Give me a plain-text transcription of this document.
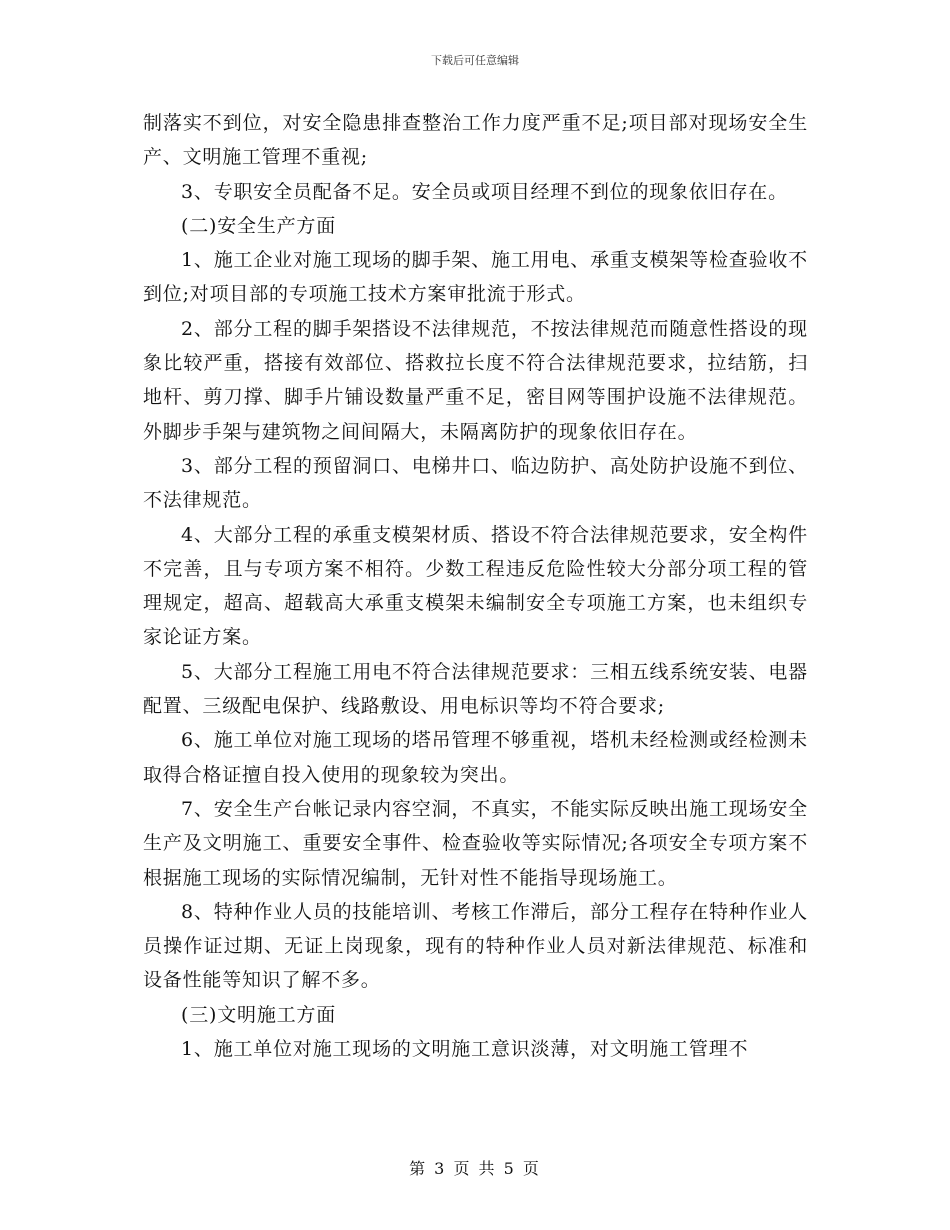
下载后可任意编辑

制落实不到位，对安全隐患排查整治工作力度严重不足;项目部对现场安全生产、文明施工管理不重视;

3、专职安全员配备不足。安全员或项目经理不到位的现象依旧存在。

(二)安全生产方面

1、施工企业对施工现场的脚手架、施工用电、承重支模架等检查验收不到位;对项目部的专项施工技术方案审批流于形式。

2、部分工程的脚手架搭设不法律规范，不按法律规范而随意性搭设的现象比较严重，搭接有效部位、搭救拉长度不符合法律规范要求，拉结筋，扫地杆、剪刀撑、脚手片铺设数量严重不足，密目网等围护设施不法律规范。外脚步手架与建筑物之间间隔大，未隔离防护的现象依旧存在。

3、部分工程的预留洞口、电梯井口、临边防护、高处防护设施不到位、不法律规范。

4、大部分工程的承重支模架材质、搭设不符合法律规范要求，安全构件不完善，且与专项方案不相符。少数工程违反危险性较大分部分项工程的管理规定，超高、超载高大承重支模架未编制安全专项施工方案，也未组织专家论证方案。

5、大部分工程施工用电不符合法律规范要求：三相五线系统安装、电器配置、三级配电保护、线路敷设、用电标识等均不符合要求;

6、施工单位对施工现场的塔吊管理不够重视，塔机未经检测或经检测未取得合格证擅自投入使用的现象较为突出。

7、安全生产台帐记录内容空洞，不真实，不能实际反映出施工现场安全生产及文明施工、重要安全事件、检查验收等实际情况;各项安全专项方案不根据施工现场的实际情况编制，无针对性不能指导现场施工。

8、特种作业人员的技能培训、考核工作滞后，部分工程存在特种作业人员操作证过期、无证上岗现象，现有的特种作业人员对新法律规范、标准和设备性能等知识了解不多。

(三)文明施工方面

1、施工单位对施工现场的文明施工意识淡薄，对文明施工管理不

第 3 页 共 5 页
